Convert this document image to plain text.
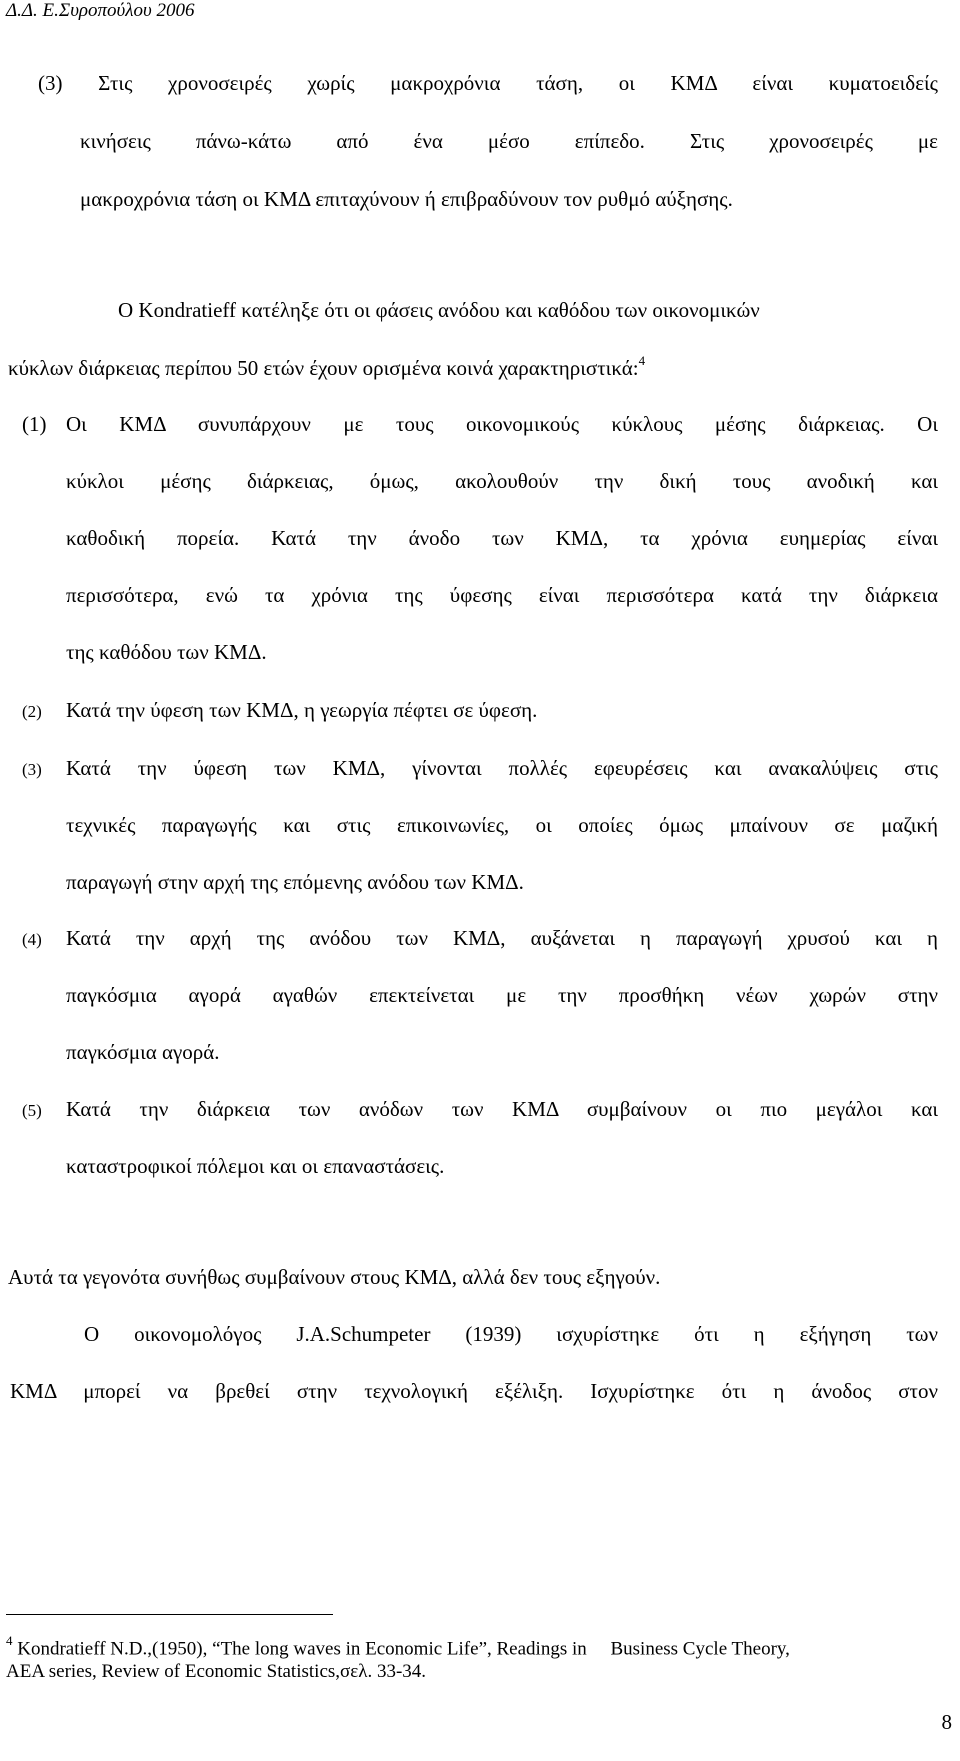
Δ.Δ. Ε.Συροπούλου 2006
(3) Στις χρονοσειρές χωρίς μακροχρόνια τάση, οι ΚΜΔ είναι κυματοειδείς
κινήσεις πάνω-κάτω από ένα μέσο επίπεδο. Στις χρονοσειρές με
μακροχρόνια τάση οι ΚΜΔ επιταχύνουν ή επιβραδύνουν τον ρυθμό αύξησης.
Ο Kondratieff κατέληξε ότι οι φάσεις ανόδου και καθόδου των οικονομικών
κύκλων διάρκειας περίπου 50 ετών έχουν ορισμένα κοινά χαρακτηριστικά:$^4$
(1) Οι ΚΜΔ συνυπάρχουν με τους οικονομικούς κύκλους μέσης διάρκειας. Οι
κύκλοι μέσης διάρκειας, όμως, ακολουθούν την δική τους ανοδική και
καθοδική πορεία. Κατά την άνοδο των ΚΜΔ, τα χρόνια ευημερίας είναι
περισσότερα, ενώ τα χρόνια της ύφεσης είναι περισσότερα κατά την διάρκεια
της καθόδου των ΚΜΔ.
(2) Κατά την ύφεση των ΚΜΔ, η γεωργία πέφτει σε ύφεση.
(3) Κατά την ύφεση των ΚΜΔ, γίνονται πολλές εφευρέσεις και ανακαλύψεις στις
τεχνικές παραγωγής και στις επικοινωνίες, οι οποίες όμως μπαίνουν σε μαζική
παραγωγή στην αρχή της επόμενης ανόδου των ΚΜΔ.
(4) Κατά την αρχή της ανόδου των ΚΜΔ, αυξάνεται η παραγωγή χρυσού και η
παγκόσμια αγορά αγαθών επεκτείνεται με την προσθήκη νέων χωρών στην
παγκόσμια αγορά.
(5) Κατά την διάρκεια των ανόδων των ΚΜΔ συμβαίνουν οι πιο μεγάλοι και
καταστροφικοί πόλεμοι και οι επαναστάσεις.
Αυτά τα γεγονότα συνήθως συμβαίνουν στους ΚΜΔ, αλλά δεν τους εξηγούν.
Ο οικονομολόγος J.A.Schumpeter (1939) ισχυρίστηκε ότι η εξήγηση των
ΚΜΔ μπορεί να βρεθεί στην τεχνολογική εξέλιξη. Ισχυρίστηκε ότι η άνοδος στον
$^4$ Kondratieff N.D.,(1950), “The long waves in Economic Life”, Readings in     Business Cycle Theory,
AEA series, Review of Economic Statistics,σελ. 33-34.
8
